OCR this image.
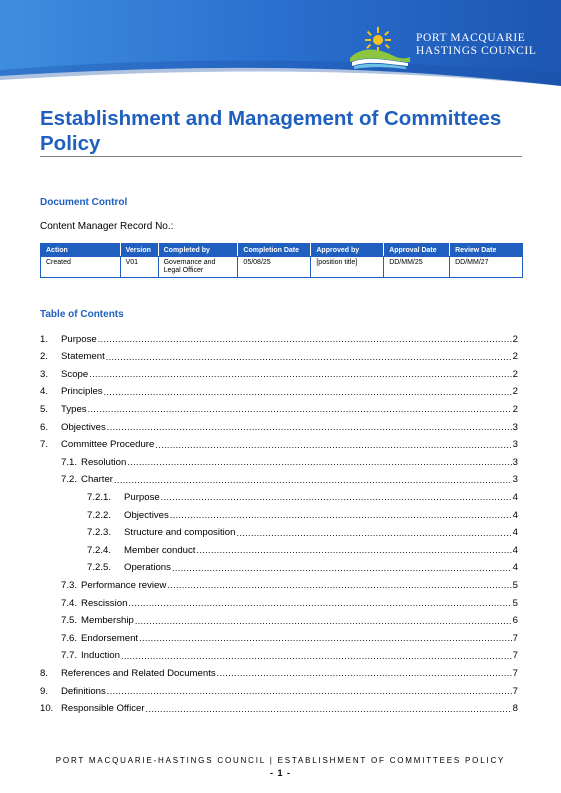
PORT MACQUARIE
HASTINGS COUNCIL
Establishment and Management of Committees Policy
Document Control
Content Manager Record No.:
Action	Version	Completed by	Completion Date	Approved by	Approval Date	Review Date
Created	V01	Governance and Legal Officer	05/08/25	[position title]	DD/MM/25	DD/MM/27
Table of Contents
1.	Purpose .....	2
2.	Statement .....	2
3.	Scope .....	2
4.	Principles .....	2
5.	Types .....	2
6.	Objectives .....	3
7.	Committee Procedure .....	3
7.1. Resolution .....	3
7.2. Charter .....	3
7.2.1.	Purpose .....	4
7.2.2.	Objectives .....	4
7.2.3.	Structure and composition .....	4
7.2.4.	Member conduct .....	4
7.2.5.	Operations .....	4
7.3. Performance review .....	5
7.4. Rescission .....	5
7.5. Membership .....	6
7.6. Endorsement .....	7
7.7. Induction .....	7
8.	References and Related Documents .....	7
9.	Definitions .....	7
10. Responsible Officer .....	8
PORT MACQUARIE-HASTINGS COUNCIL | ESTABLISHMENT OF COMMITTEES POLICY
- 1 -
